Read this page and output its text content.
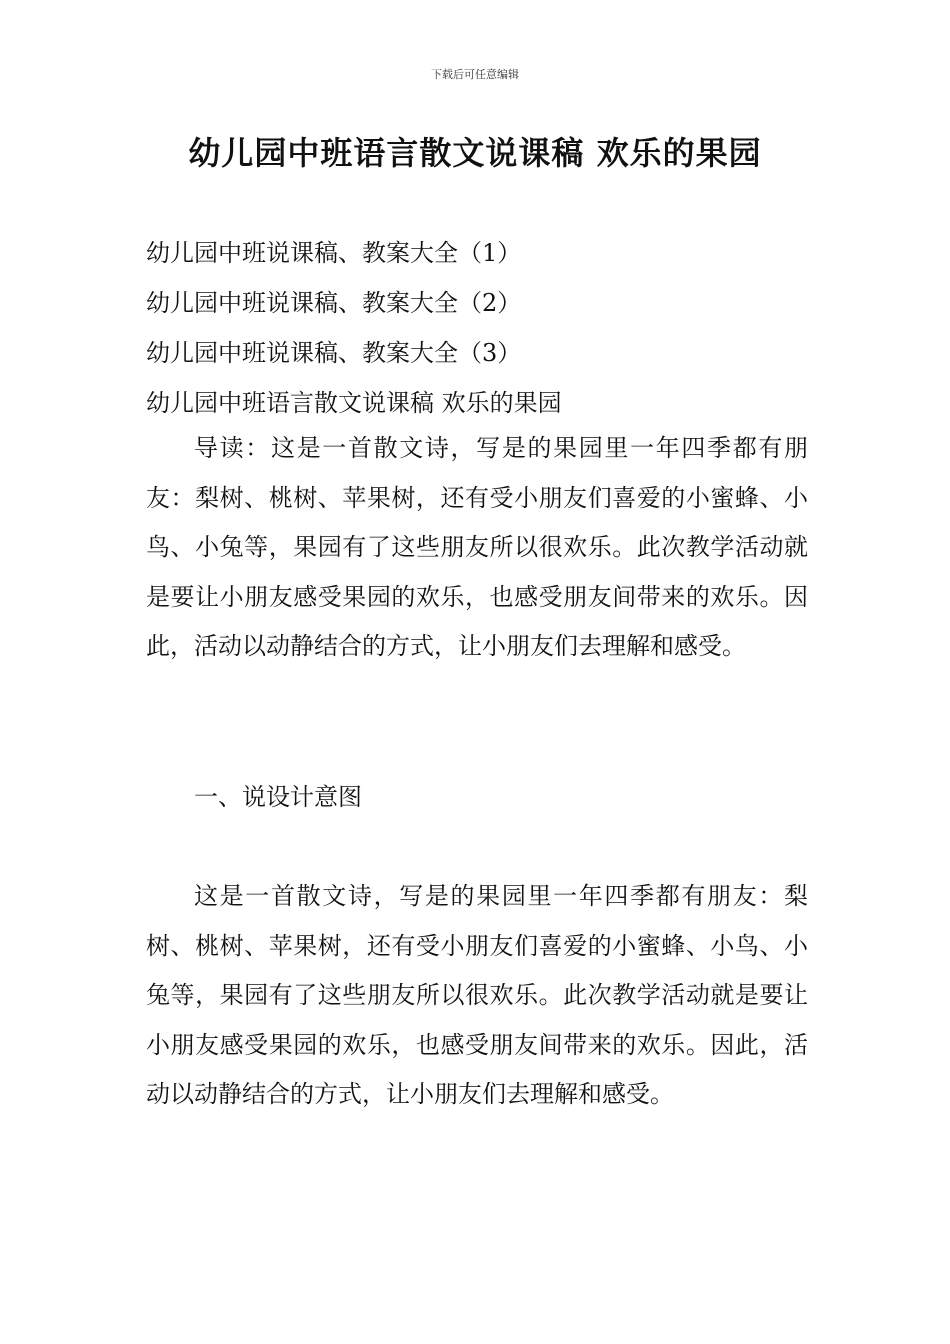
下载后可任意编辑
幼儿园中班语言散文说课稿 欢乐的果园
幼儿园中班说课稿、教案大全（1）
幼儿园中班说课稿、教案大全（2）
幼儿园中班说课稿、教案大全（3）
幼儿园中班语言散文说课稿 欢乐的果园

导读：这是一首散文诗，写是的果园里一年四季都有朋友：梨树、桃树、苹果树，还有受小朋友们喜爱的小蜜蜂、小鸟、小兔等，果园有了这些朋友所以很欢乐。此次教学活动就是要让小朋友感受果园的欢乐，也感受朋友间带来的欢乐。因此，活动以动静结合的方式，让小朋友们去理解和感受。

一、说设计意图

这是一首散文诗，写是的果园里一年四季都有朋友：梨树、桃树、苹果树，还有受小朋友们喜爱的小蜜蜂、小鸟、小兔等，果园有了这些朋友所以很欢乐。此次教学活动就是要让小朋友感受果园的欢乐，也感受朋友间带来的欢乐。因此，活动以动静结合的方式，让小朋友们去理解和感受。
